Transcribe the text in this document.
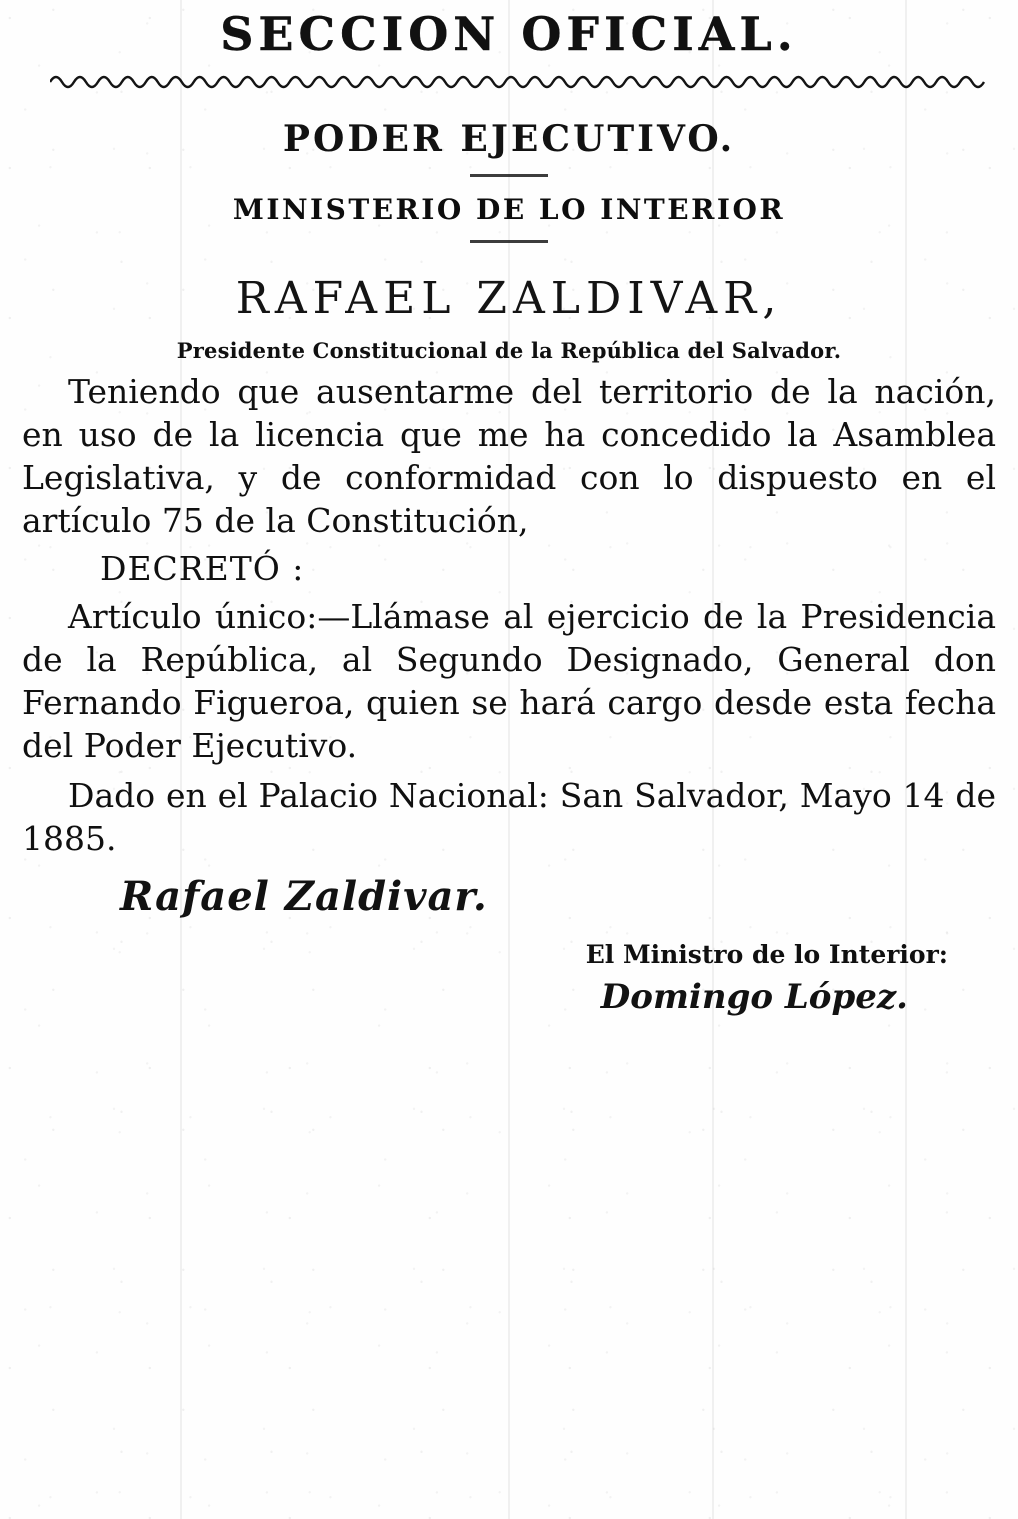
SECCION OFICIAL.
PODER EJECUTIVO.
MINISTERIO DE LO INTERIOR
RAFAEL ZALDIVAR,
Presidente Constitucional de la República del Salvador.

Teniendo que ausentarme del territorio de la nación, en uso de la licencia que me ha concedido la Asamblea Legislativa, y de conformidad con lo dispuesto en el artículo 75 de la Constitución,

DECRETÓ :

Artículo único:—Llámase al ejercicio de la Presidencia de la República, al Segundo Designado, General don Fernando Figueroa, quien se hará cargo desde esta fecha del Poder Ejecutivo.

Dado en el Palacio Nacional: San Salvador, Mayo 14 de 1885.

Rafael Zaldivar.
El Ministro de lo Interior:
Domingo López.
